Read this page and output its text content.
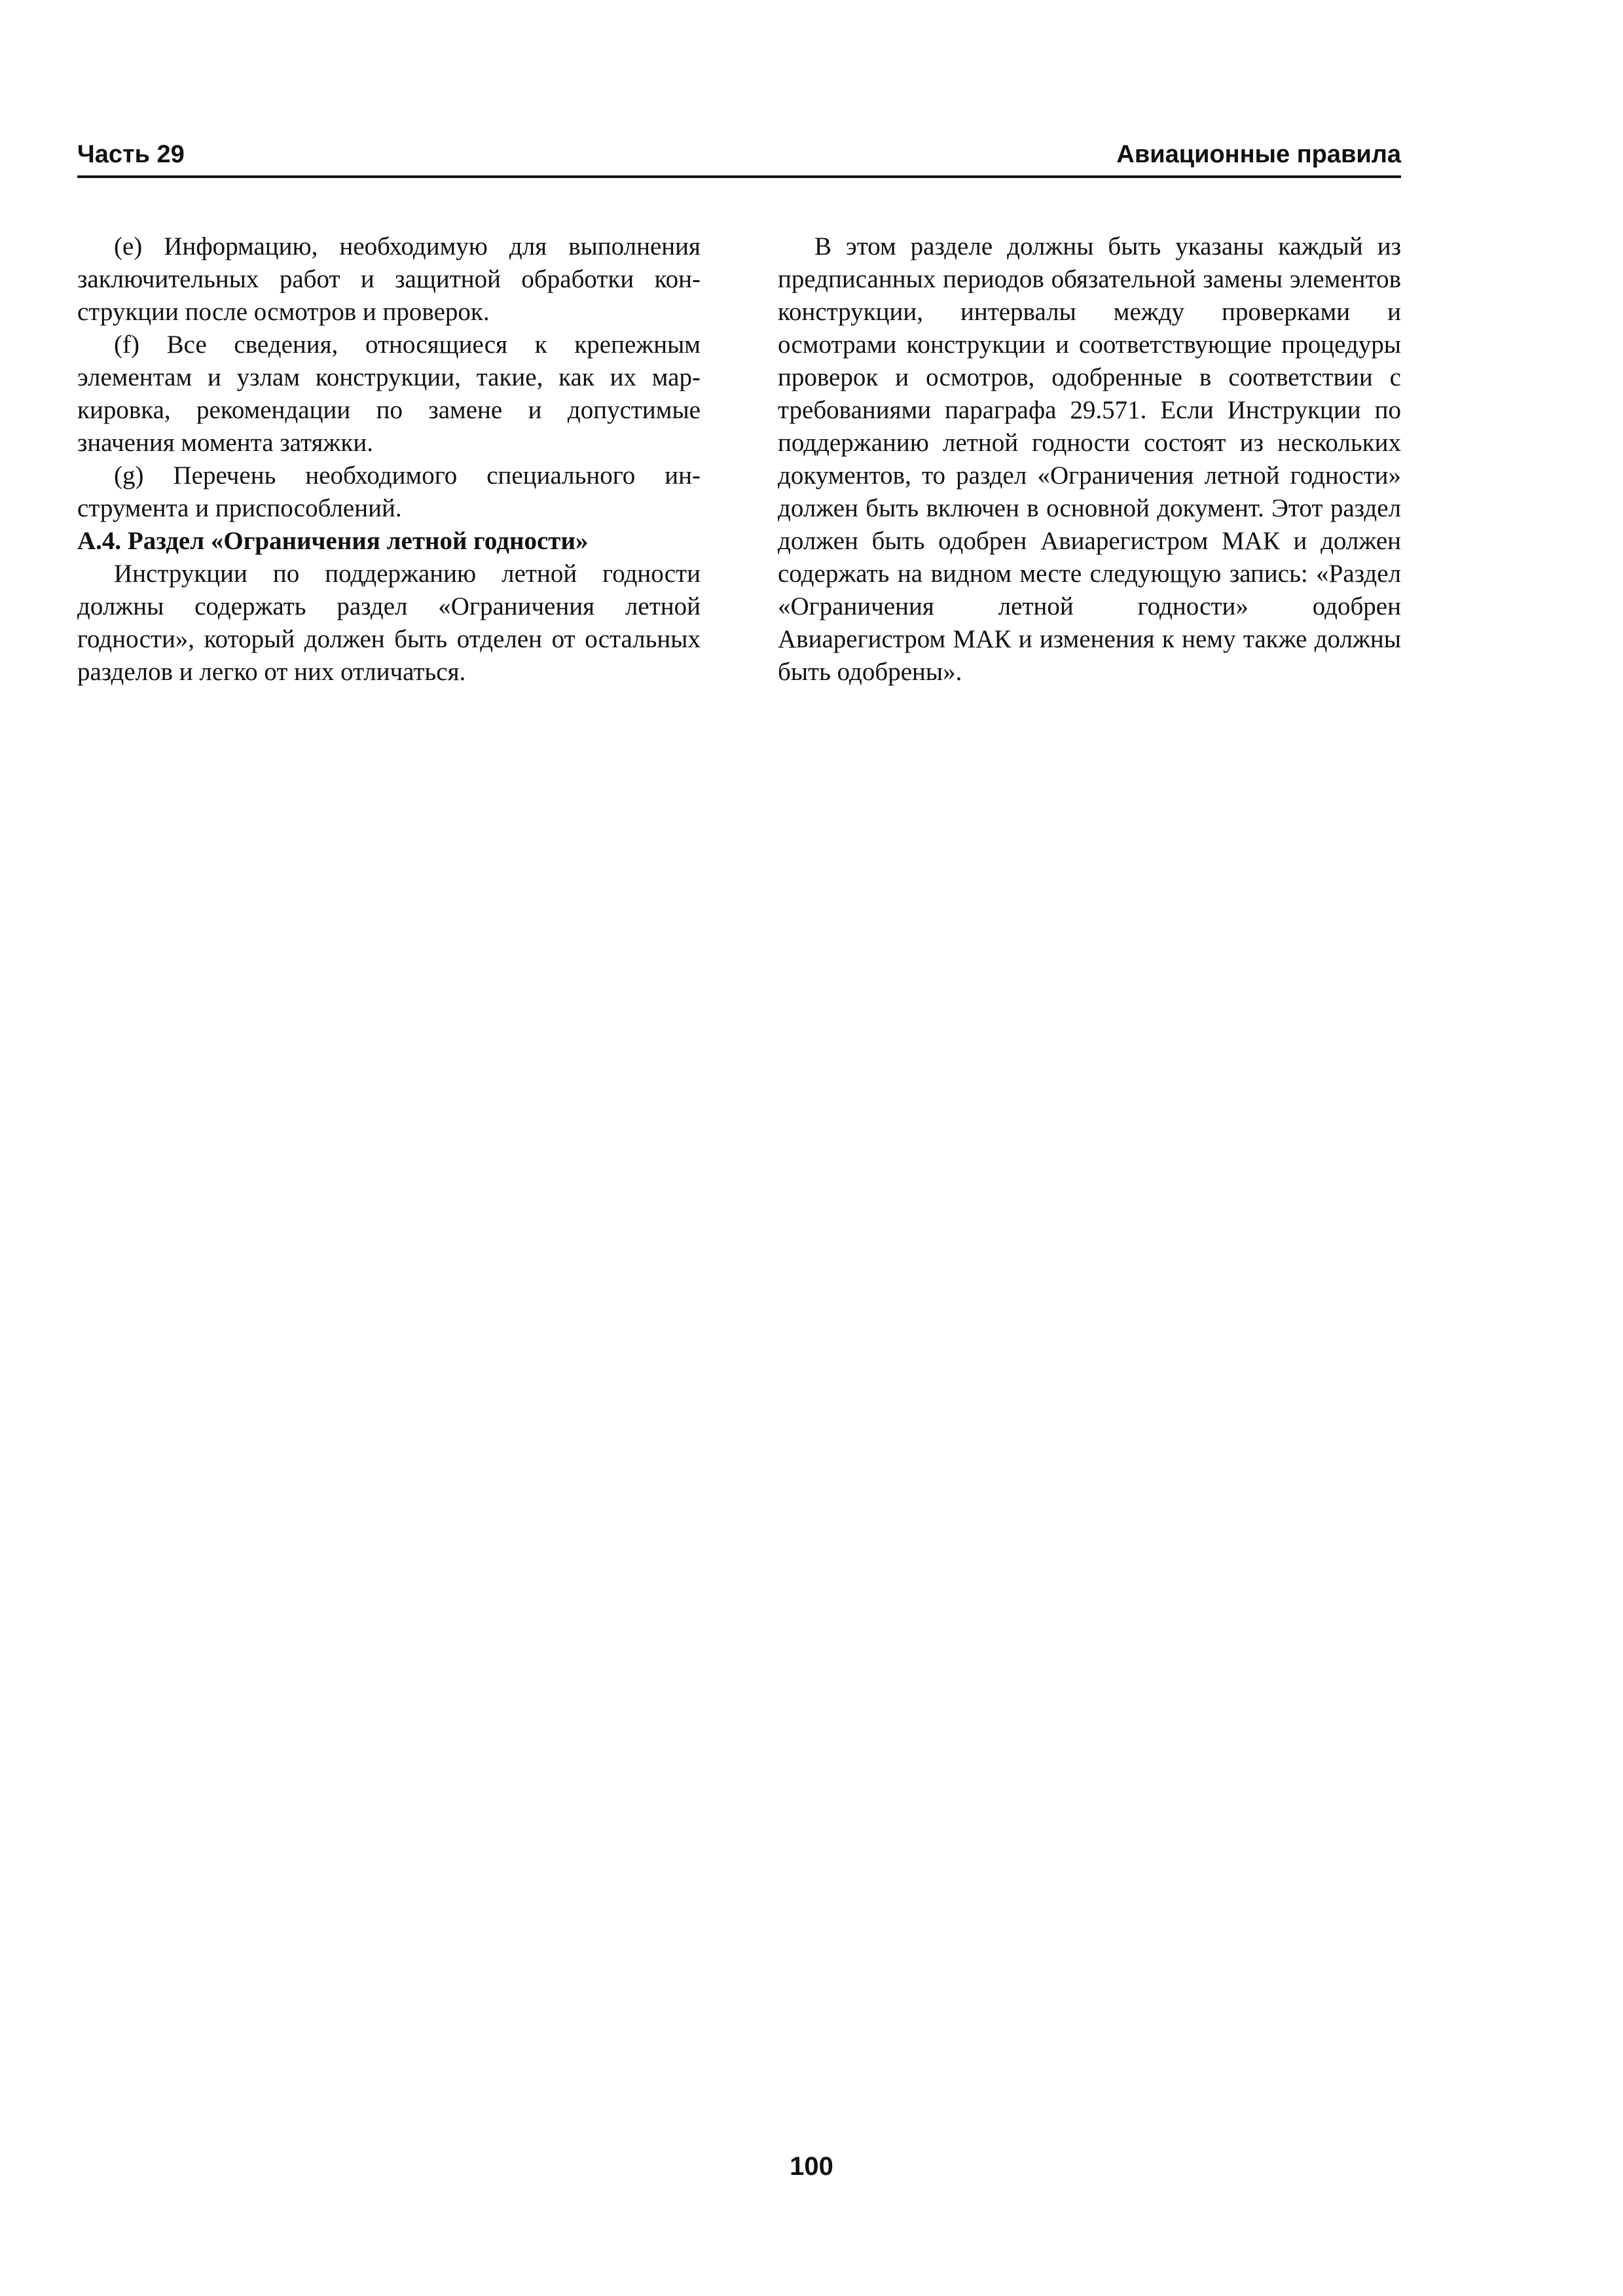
Часть 29	Авиационные правила

(e) Информацию, необходимую для выполнения заключительных работ и защитной обработки конструкции после осмотров и проверок.

(f) Все сведения, относящиеся к крепежным элементам и узлам конструкции, такие, как их маркировка, рекомендации по замене и допустимые значения момента затяжки.

(g) Перечень необходимого специального инструмента и приспособлений.

A.4. Раздел «Ограничения летной годности»

Инструкции по поддержанию летной годности должны содержать раздел «Ограничения летной годности», который должен быть отделен от остальных разделов и легко от них отличаться.

В этом разделе должны быть указаны каждый из предписанных периодов обязательной замены элементов конструкции, интервалы между проверками и осмотрами конструкции и соответствующие процедуры проверок и осмотров, одобренные в соответствии с требованиями параграфа 29.571. Если Инструкции по поддержанию летной годности состоят из нескольких документов, то раздел «Ограничения летной годности» должен быть включен в основной документ. Этот раздел должен быть одобрен Авиарегистром МАК и должен содержать на видном месте следующую запись: «Раздел «Ограничения летной годности» одобрен Авиарегистром МАК и изменения к нему также должны быть одобрены».

100
